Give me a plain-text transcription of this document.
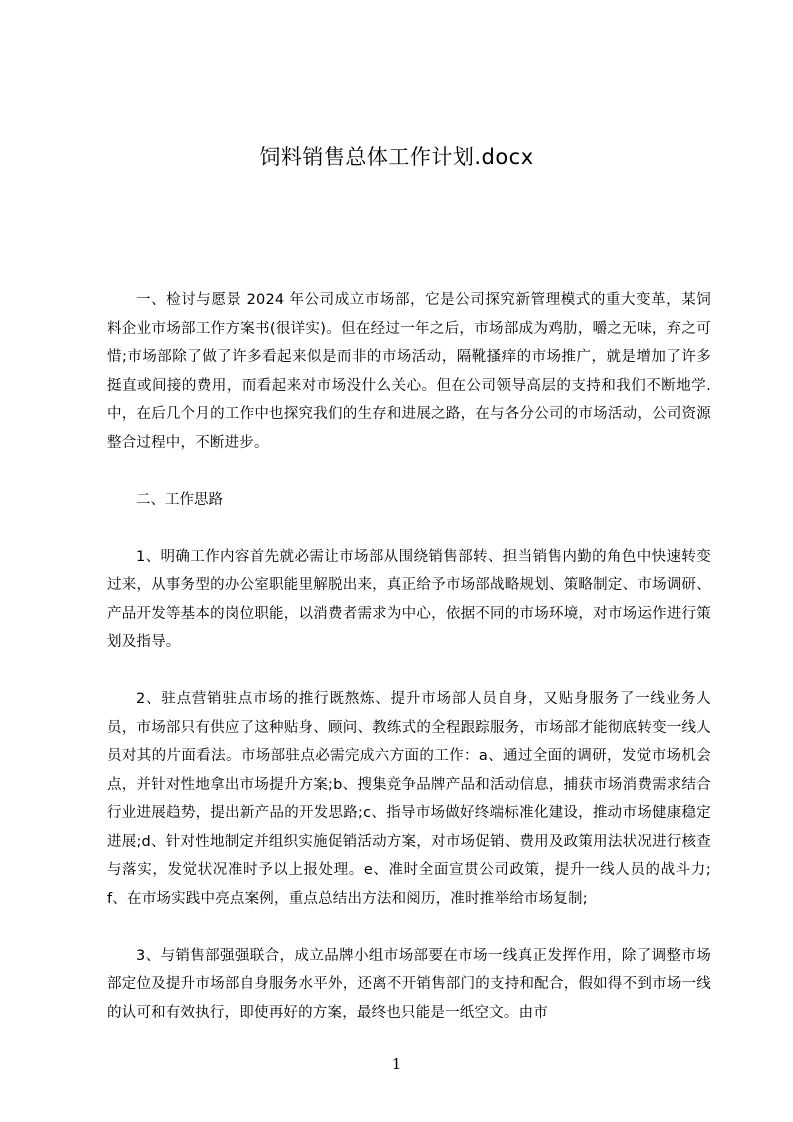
饲料销售总体工作计划.docx

一、检讨与愿景 2024 年公司成立市场部，它是公司探究新管理模式的重大变革，某饲料企业市场部工作方案书(很详实)。但在经过一年之后，市场部成为鸡肋，嚼之无味，弃之可惜;市场部除了做了许多看起来似是而非的市场活动，隔靴搔痒的市场推广，就是增加了许多挺直或间接的费用，而看起来对市场没什么关心。但在公司领导高层的支持和我们不断地学. 中，在后几个月的工作中也探究我们的生存和进展之路，在与各分公司的市场活动，公司资源整合过程中，不断进步。

二、工作思路

1、明确工作内容首先就必需让市场部从围绕销售部转、担当销售内勤的角色中快速转变过来，从事务型的办公室职能里解脱出来，真正给予市场部战略规划、策略制定、市场调研、产品开发等基本的岗位职能，以消费者需求为中心，依据不同的市场环境，对市场运作进行策划及指导。

2、驻点营销驻点市场的推行既熬炼、提升市场部人员自身，又贴身服务了一线业务人员，市场部只有供应了这种贴身、顾问、教练式的全程跟踪服务，市场部才能彻底转变一线人员对其的片面看法。市场部驻点必需完成六方面的工作：a、通过全面的调研，发觉市场机会点，并针对性地拿出市场提升方案;b、搜集竞争品牌产品和活动信息，捕获市场消费需求结合行业进展趋势，提出新产品的开发思路;c、指导市场做好终端标准化建设，推动市场健康稳定进展;d、针对性地制定并组织实施促销活动方案，对市场促销、费用及政策用法状况进行核查与落实，发觉状况准时予以上报处理。e、准时全面宣贯公司政策，提升一线人员的战斗力;f、在市场实践中亮点案例，重点总结出方法和阅历，准时推举给市场复制;

3、与销售部强强联合，成立品牌小组市场部要在市场一线真正发挥作用，除了调整市场部定位及提升市场部自身服务水平外，还离不开销售部门的支持和配合，假如得不到市场一线的认可和有效执行，即使再好的方案，最终也只能是一纸空文。由市

1
